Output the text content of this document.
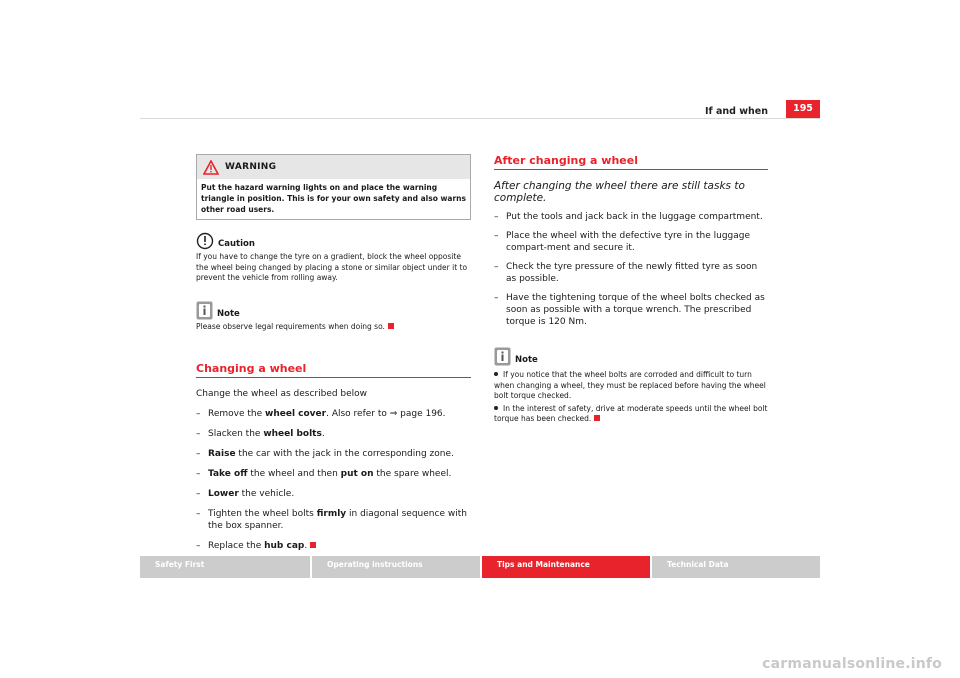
If and when	195
WARNING
Put the hazard warning lights on and place the warning triangle in position. This is for your own safety and also warns other road users.
Caution
If you have to change the tyre on a gradient, block the wheel opposite the wheel being changed by placing a stone or similar object under it to prevent the vehicle from rolling away.
Note
Please observe legal requirements when doing so.
Changing a wheel
Change the wheel as described below
– Remove the wheel cover. Also refer to ⇒ page 196.
– Slacken the wheel bolts.
– Raise the car with the jack in the corresponding zone.
– Take off the wheel and then put on the spare wheel.
– Lower the vehicle.
– Tighten the wheel bolts firmly in diagonal sequence with the box spanner.
– Replace the hub cap.
After changing a wheel
After changing the wheel there are still tasks to complete.
– Put the tools and jack back in the luggage compartment.
– Place the wheel with the defective tyre in the luggage compart-ment and secure it.
– Check the tyre pressure of the newly fitted tyre as soon as possible.
– Have the tightening torque of the wheel bolts checked as soon as possible with a torque wrench. The prescribed torque is 120 Nm.
Note
If you notice that the wheel bolts are corroded and difficult to turn when changing a wheel, they must be replaced before having the wheel bolt torque checked.
In the interest of safety, drive at moderate speeds until the wheel bolt torque has been checked.
Safety First	Operating instructions	Tips and Maintenance	Technical Data
carmanualsonline.info
